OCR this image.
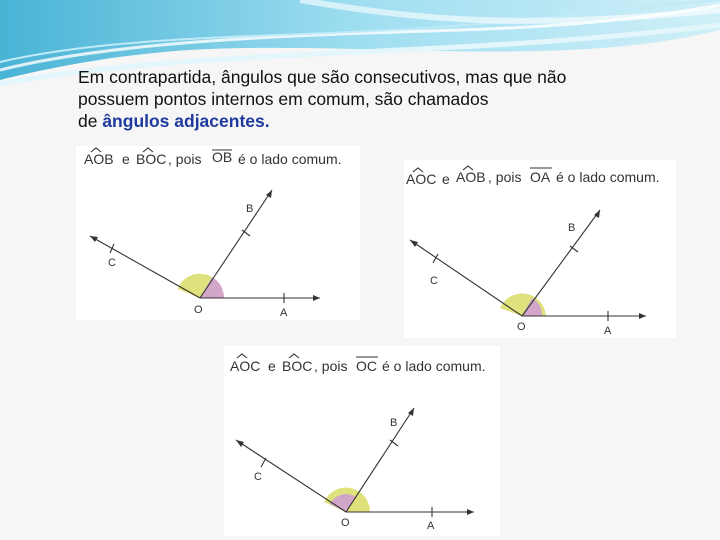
Em contrapartida, ângulos que são consecutivos, mas que não
possuem pontos internos em comum, são chamados
de ângulos adjacentes.
AOB e BOC , pois OB é o lado comum.
A
B
C
O
AOC e AOB , pois OA é o lado comum.
A
B
C
O
AOC e BOC , pois OC é o lado comum.
A
B
C
O
